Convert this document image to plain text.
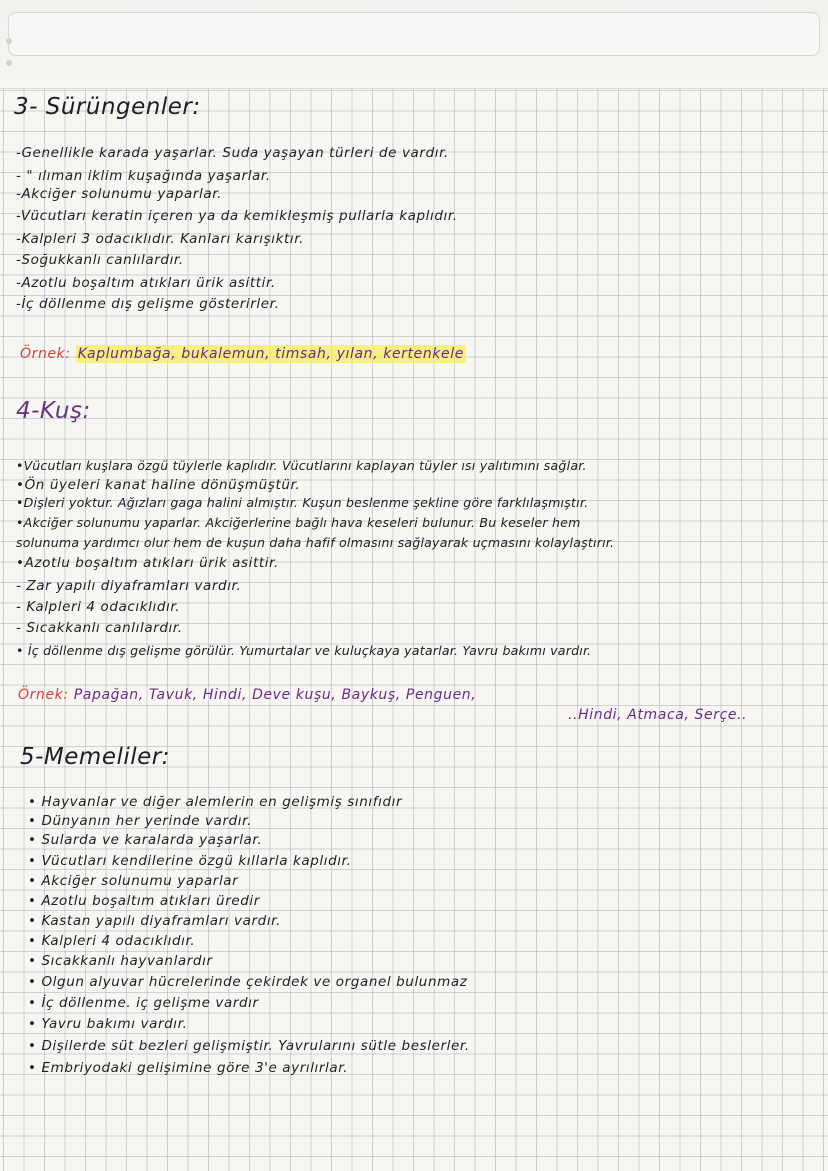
3- Sürüngenler:
-Genellikle karada yaşarlar. Suda yaşayan türleri de vardır.
- " ılıman iklim kuşağında yaşarlar.
-Akciğer solunumu yaparlar.
-Vücutları keratin içeren ya da kemikleşmiş pullarla kaplıdır.
-Kalpleri 3 odacıklıdır. Kanları karışıktır.
-Soğukkanlı canlılardır.
-Azotlu boşaltım atıkları ürik asittir.
-İç döllenme dış gelişme gösterirler.
Örnek: Kaplumbağa, bukalemun, timsah, yılan, kertenkele
4-Kuş:
•Vücutları kuşlara özgü tüylerle kaplıdır. Vücutlarını kaplayan tüyler ısı yalıtımını sağlar.
•Ön üyeleri kanat haline dönüşmüştür.
•Dişleri yoktur. Ağızları gaga halini almıştır. Kuşun beslenme şekline göre farklılaşmıştır.
•Akciğer solunumu yaparlar. Akciğerlerine bağlı hava keseleri bulunur. Bu keseler hem
solunuma yardımcı olur hem de kuşun daha hafif olmasını sağlayarak uçmasını kolaylaştırır.
•Azotlu boşaltım atıkları ürik asittir.
- Zar yapılı diyaframları vardır.
- Kalpleri 4 odacıklıdır.
- Sıcakkanlı canlılardır.
• İç döllenme dış gelişme görülür. Yumurtalar ve kuluçkaya yatarlar. Yavru bakımı vardır.
Örnek: Papağan, Tavuk, Hindi, Deve kuşu, Baykuş, Penguen,
..Hindi, Atmaca, Serçe..
5-Memeliler:
• Hayvanlar ve diğer alemlerin en gelişmiş sınıfıdır
• Dünyanın her yerinde vardır.
• Sularda ve karalarda yaşarlar.
• Vücutları kendilerine özgü kıllarla kaplıdır.
• Akciğer solunumu yaparlar
• Azotlu boşaltım atıkları üredir
• Kastan yapılı diyaframları vardır.
• Kalpleri 4 odacıklıdır.
• Sıcakkanlı hayvanlardır
• Olgun alyuvar hücrelerinde çekirdek ve organel bulunmaz
• İç döllenme. iç gelişme vardır
• Yavru bakımı vardır.
• Dişilerde süt bezleri gelişmiştir. Yavrularını sütle beslerler.
• Embriyodaki gelişimine göre 3'e ayrılırlar.
